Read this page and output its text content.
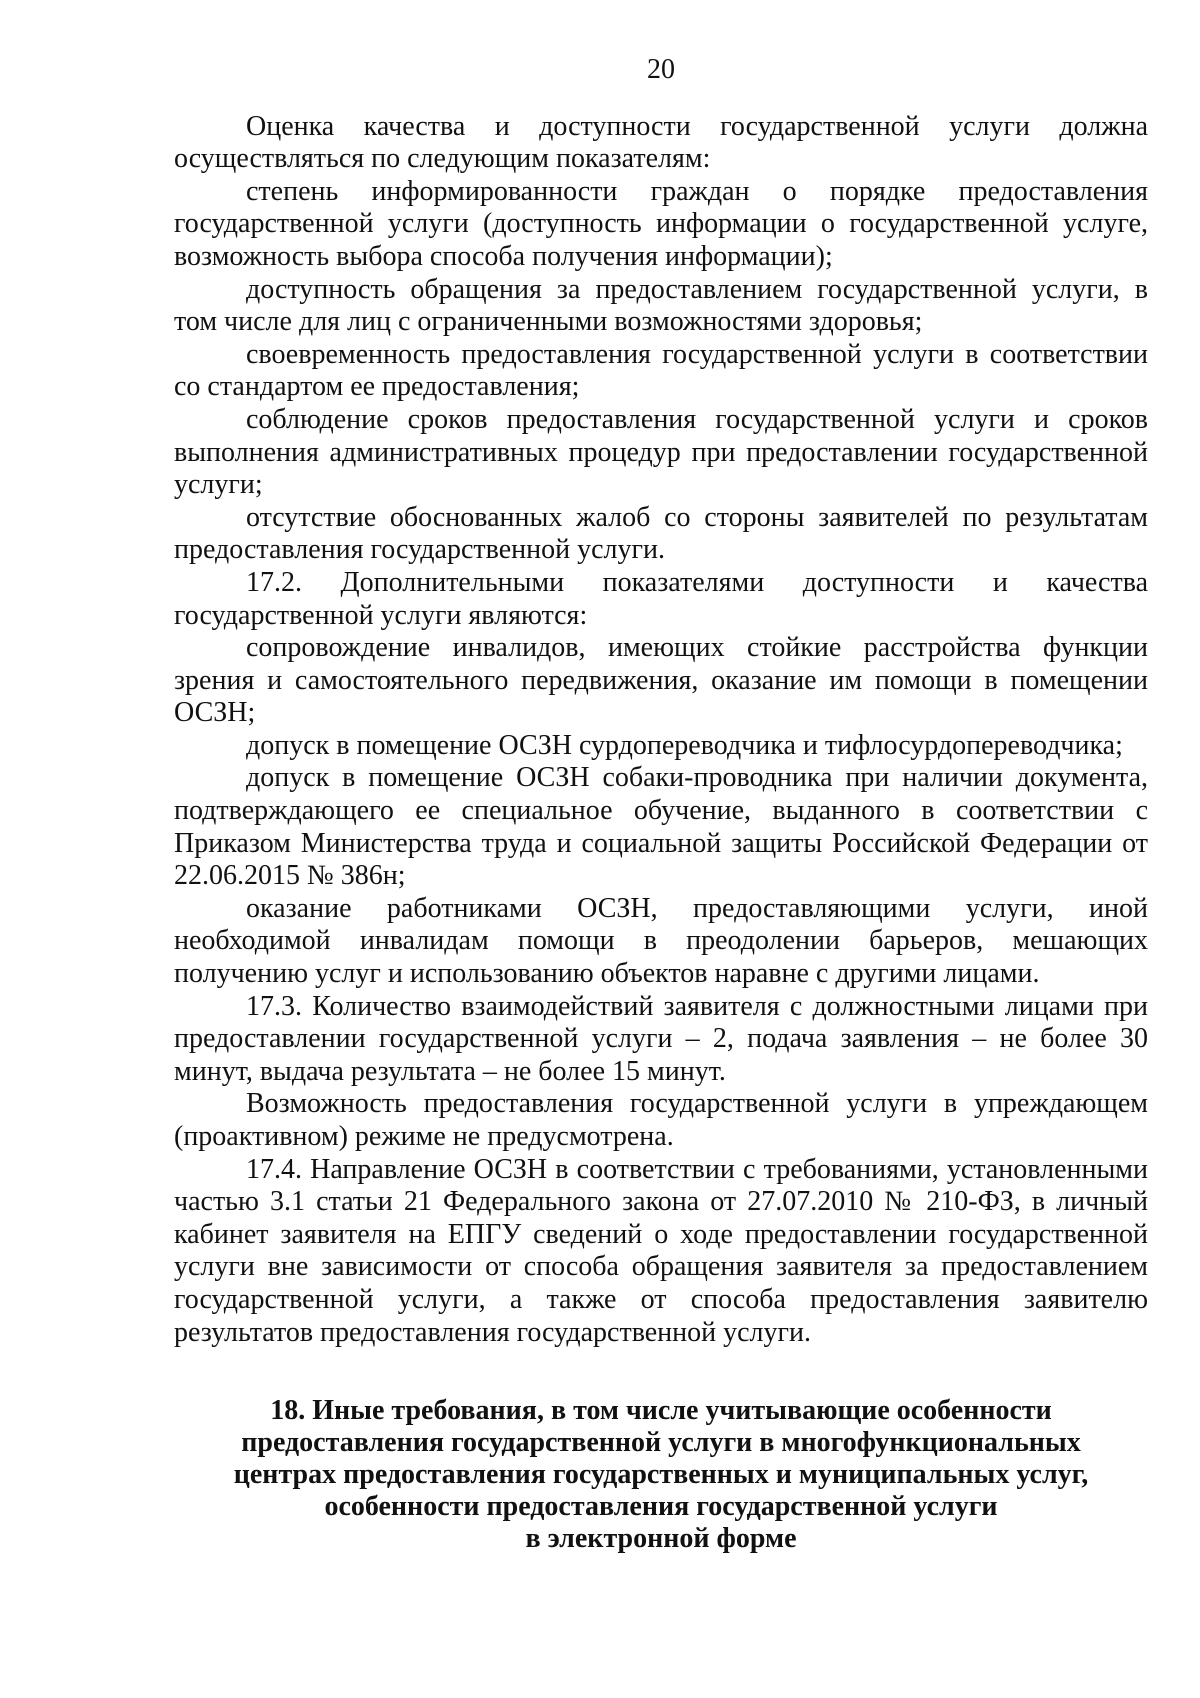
20

Оценка качества и доступности государственной услуги должна осуществляться по следующим показателям:

степень информированности граждан о порядке предоставления государственной услуги (доступность информации о государственной услуге, возможность выбора способа получения информации);

доступность обращения за предоставлением государственной услуги, в том числе для лиц с ограниченными возможностями здоровья;

своевременность предоставления государственной услуги в соответствии со стандартом ее предоставления;

соблюдение сроков предоставления государственной услуги и сроков выполнения административных процедур при предоставлении государственной услуги;

отсутствие обоснованных жалоб со стороны заявителей по результатам предоставления государственной услуги.

17.2. Дополнительными показателями доступности и качества государственной услуги являются:

сопровождение инвалидов, имеющих стойкие расстройства функции зрения и самостоятельного передвижения, оказание им помощи в помещении ОСЗН;

допуск в помещение ОСЗН сурдопереводчика и тифлосурдопереводчика;

допуск в помещение ОСЗН собаки-проводника при наличии документа, подтверждающего ее специальное обучение, выданного в соответствии с Приказом Министерства труда и социальной защиты Российской Федерации от 22.06.2015 № 386н;

оказание работниками ОСЗН, предоставляющими услуги, иной необходимой инвалидам помощи в преодолении барьеров, мешающих получению услуг и использованию объектов наравне с другими лицами.

17.3. Количество взаимодействий заявителя с должностными лицами при предоставлении государственной услуги – 2, подача заявления – не более 30 минут, выдача результата – не более 15 минут.

Возможность предоставления государственной услуги в упреждающем (проактивном) режиме не предусмотрена.

17.4. Направление ОСЗН в соответствии с требованиями, установленными частью 3.1 статьи 21 Федерального закона от 27.07.2010 № 210-ФЗ, в личный кабинет заявителя на ЕПГУ сведений о ходе предоставлении государственной услуги вне зависимости от способа обращения заявителя за предоставлением государственной услуги, а также от способа предоставления заявителю результатов предоставления государственной услуги.

18. Иные требования, в том числе учитывающие особенности
предоставления государственной услуги в многофункциональных
центрах предоставления государственных и муниципальных услуг,
особенности предоставления государственной услуги
в электронной форме
